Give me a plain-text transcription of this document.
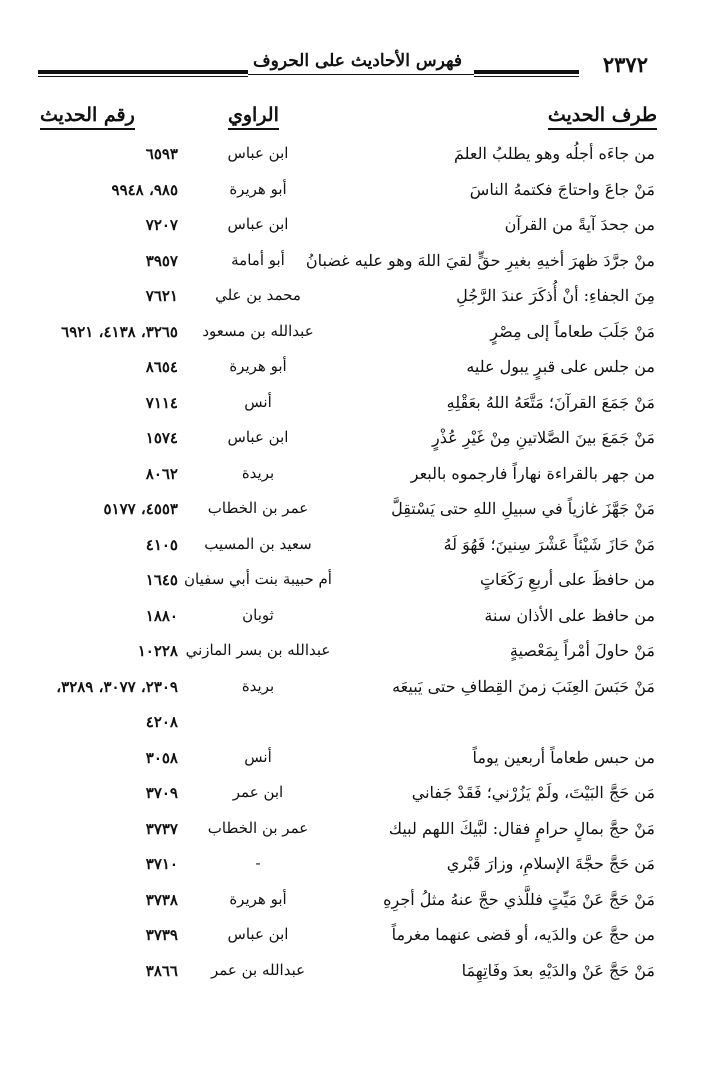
٢٣٧٢
فهرس الأحاديث على الحروف
طرف الحديث
الراوي
رقم الحديث
من جاءَه أجلُه وهو يطلبُ العلمَ
ابن عباس
٦٥٩٣
مَنْ جاعَ واحتاجَ فكتمهُ الناسَ
أبو هريرة
٩٨٥، ٩٩٤٨
من جحدَ آيةً من القرآن
ابن عباس
٧٢٠٧
منْ جرَّدَ ظهرَ أخيهِ بغيرِ حقٍّ لقيَ اللهَ وهو عليه غضبانُ
أبو أمامة
٣٩٥٧
مِنَ الجفاءِ: أنْ أُذكَرَ عندَ الرَّجُلِ
محمد بن علي
٧٦٢١
مَنْ جَلَبَ طعاماً إلى مِصْرٍ
عبدالله بن مسعود
٣٢٦٥، ٤١٣٨، ٦٩٢١
من جلس على قبرٍ يبول عليه
أبو هريرة
٨٦٥٤
مَنْ جَمَعَ القرآنَ؛ مَتَّعَهُ اللهُ بعَقْلِهِ
أنس
٧١١٤
مَنْ جَمَعَ بينَ الصَّلاتينِ مِنْ غَيْرِ عُذْرٍ
ابن عباس
١٥٧٤
من جهر بالقراءة نهاراً فارجموه بالبعر
بريدة
٨٠٦٢
مَنْ جَهَّزَ غازياً في سبيلِ اللهِ حتى يَسْتقِلَّ
عمر بن الخطاب
٤٥٥٣، ٥١٧٧
مَنْ حَازَ شَيْئاً عَشْرَ سِنينَ؛ فَهُوَ لَهُ
سعيد بن المسيب
٤١٠٥
من حافظَ على أربعِ رَكَعَاتٍ
أم حبيبة بنت أبي سفيان
١٦٤٥
من حافظ على الأذان سنة
ثوبان
١٨٨٠
مَنْ حاولَ أمْراً بِمَعْصيةٍ
عبدالله بن بسر المازني
١٠٢٢٨
مَنْ حَبَسَ العِنَبَ زمنَ القِطافِ حتى يَبيعَه
بريدة
٢٣٠٩، ٣٠٧٧، ٣٢٨٩،
٤٢٠٨
من حبس طعاماً أربعين يوماً
أنس
٣٠٥٨
مَن حَجَّ البَيْتَ، ولَمْ يَزُرْني؛ فَقَدْ جَفاني
ابن عمر
٣٧٠٩
مَنْ حجَّ بمالٍ حرامٍ فقال: لبَّيكَ اللهم لبيك
عمر بن الخطاب
٣٧٣٧
مَن حَجَّ حجَّةَ الإسلامِ، وزارَ قَبْري
-
٣٧١٠
مَنْ حَجَّ عَنْ مَيِّتٍ فللَّذي حجَّ عنهُ مثلُ أجرِهِ
أبو هريرة
٣٧٣٨
من حجَّ عن والدَيه، أو قضى عنهما مغرماً
ابن عباس
٣٧٣٩
مَنْ حَجَّ عَنْ والدَيْهِ بعدَ وفَاتِهِمَا
عبدالله بن عمر
٣٨٦٦
